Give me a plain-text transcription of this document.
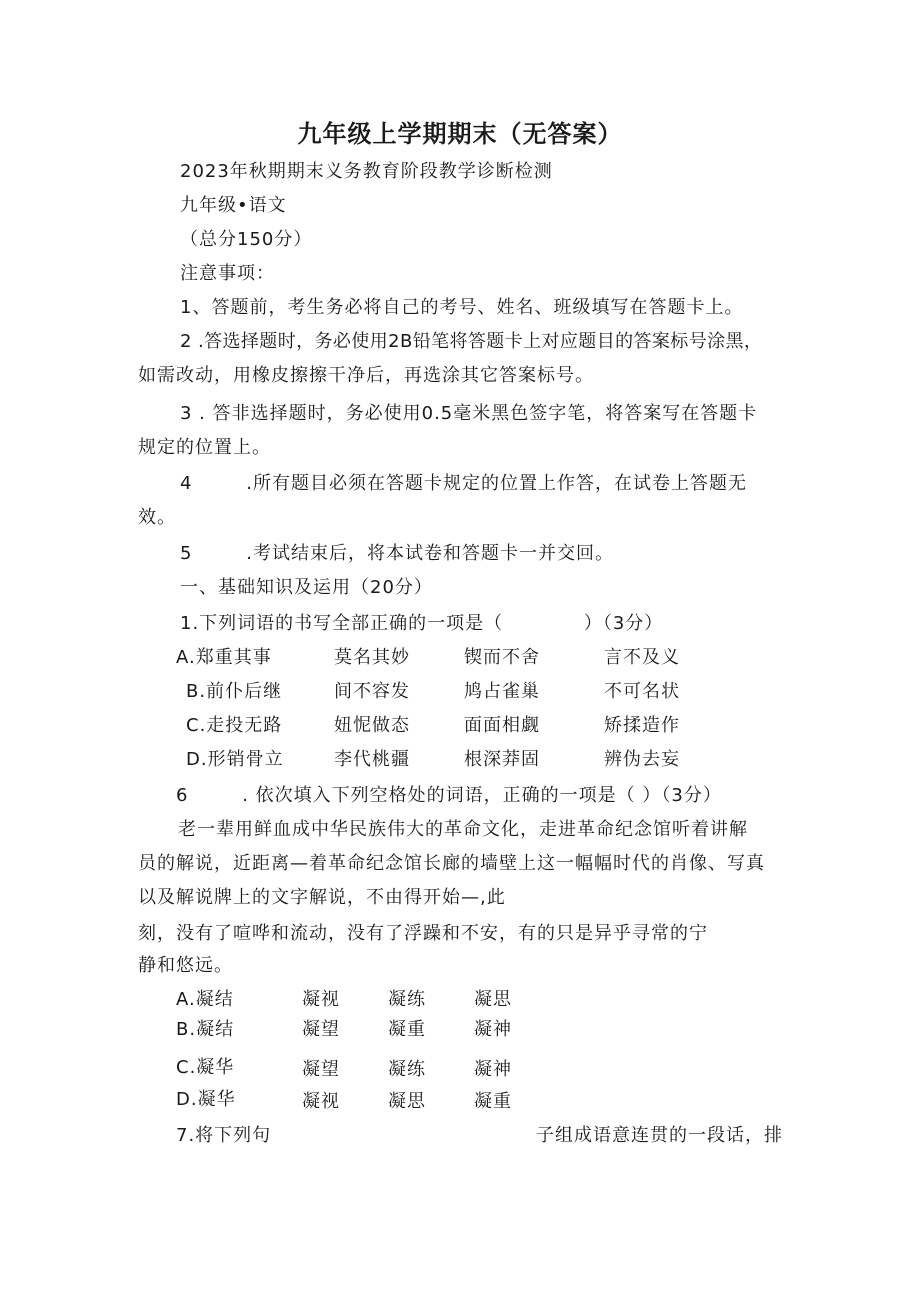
九年级上学期期末（无答案）
2023年秋期期末义务教育阶段教学诊断检测
九年级•语文
（总分150分）
注意事项：
1、答题前，考生务必将自己的考号、姓名、班级填写在答题卡上。
2 .答选择题时，务必使用2B铅笔将答题卡上对应题目的答案标号涂黑，
如需改动，用橡皮擦擦干净后，再选涂其它答案标号。
3 . 答非选择题时，务必使用0.5毫米黑色签字笔，将答案写在答题卡
规定的位置上。
4        .所有题目必须在答题卡规定的位置上作答，在试卷上答题无
效。
5        .考试结束后，将本试卷和答题卡一并交回。
一、基础知识及运用（20分）
1.下列词语的书写全部正确的一项是（            ）（3分）
A.郑重其事	莫名其妙	锲而不舍	言不及义
B.前仆后继	间不容发	鸠占雀巢	不可名状
C.走投无路	妞怩做态	面面相觑	矫揉造作
D.形销骨立	李代桃疆	根深莽固	辨伪去妄
6        . 依次填入下列空格处的词语，正确的一项是（ ）（3分）
老一辈用鲜血成中华民族伟大的革命文化，走进革命纪念馆听着讲解
员的解说，近距离—着革命纪念馆长廊的墙壁上这一幅幅时代的肖像、写真
以及解说牌上的文字解说，不由得开始—,此
刻，没有了喧哗和流动，没有了浮躁和不安，有的只是异乎寻常的宁
静和悠远。
A.凝结	凝视	凝练	凝思
B.凝结	凝望	凝重	凝神
C.凝华	凝望	凝练	凝神
D.凝华	凝视	凝思	凝重
7.将下列句	子组成语意连贯的一段话，排
